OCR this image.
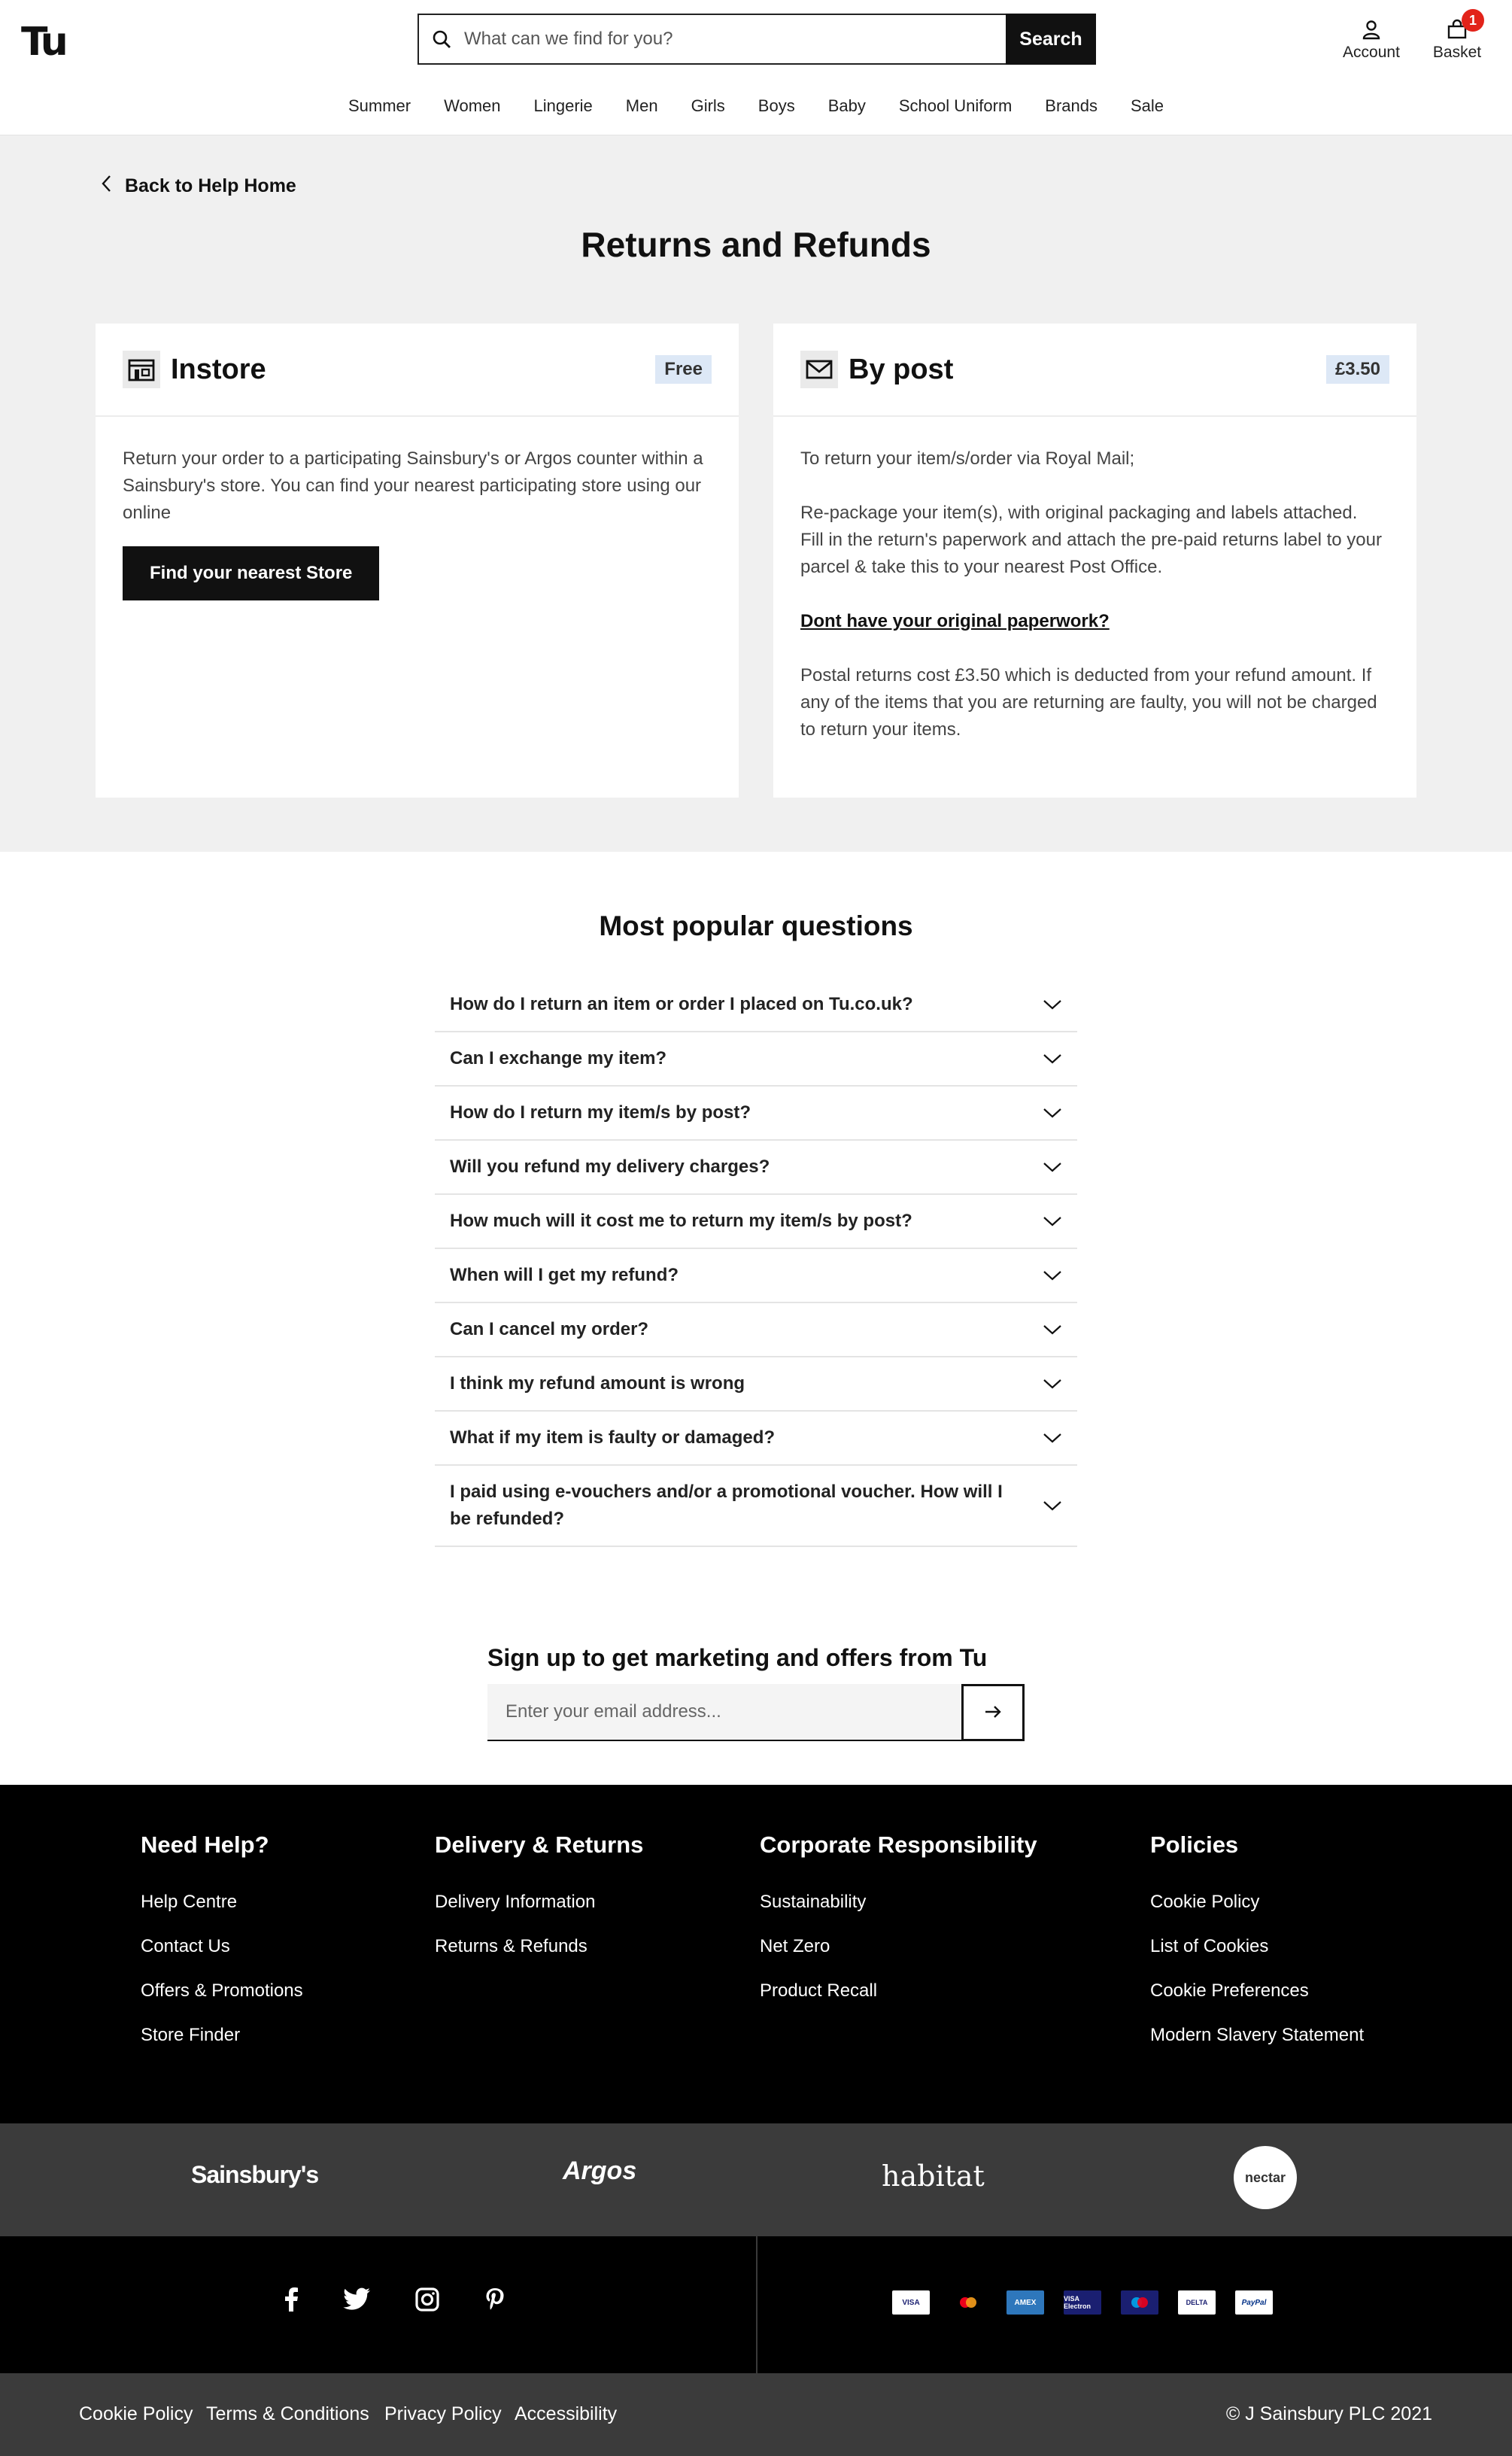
Tu
What can we find for you?	Search
Account
1
Basket
Summer	Women	Lingerie	Men	Girls	Boys	Baby	School Uniform	Brands	Sale
Back to Help Home
Returns and Refunds
Instore	Free

Return your order to a participating Sainsbury's or Argos counter within a Sainsbury's store. You can find your nearest participating store using our online

Find your nearest Store
By post	£3.50

To return your item/s/order via Royal Mail;

Re-package your item(s), with original packaging and labels attached.

Fill in the return's paperwork and attach the pre-paid returns label to your parcel & take this to your nearest Post Office.

Dont have your original paperwork?

Postal returns cost £3.50 which is deducted from your refund amount. If any of the items that you are returning are faulty, you will not be charged to return your items.

Most popular questions
How do I return an item or order I placed on Tu.co.uk?
Can I exchange my item?
How do I return my item/s by post?
Will you refund my delivery charges?
How much will it cost me to return my item/s by post?
When will I get my refund?
Can I cancel my order?
I think my refund amount is wrong
What if my item is faulty or damaged?
I paid using e-vouchers and/or a promotional voucher. How will I be refunded?
Sign up to get marketing and offers from Tu
Enter your email address...
Need Help?
Help Centre
Contact Us
Offers & Promotions
Store Finder
Delivery & Returns
Delivery Information
Returns & Refunds
Corporate Responsibility
Sustainability
Net Zero
Product Recall
Policies
Cookie Policy
List of Cookies
Cookie Preferences
Modern Slavery Statement
Sainsbury's	Argos	habitat	nectar
VISA	AMEX	VISA Electron	DELTA	PayPal
Cookie Policy Terms & Conditions Privacy Policy Accessibility	© J Sainsbury PLC 2021
